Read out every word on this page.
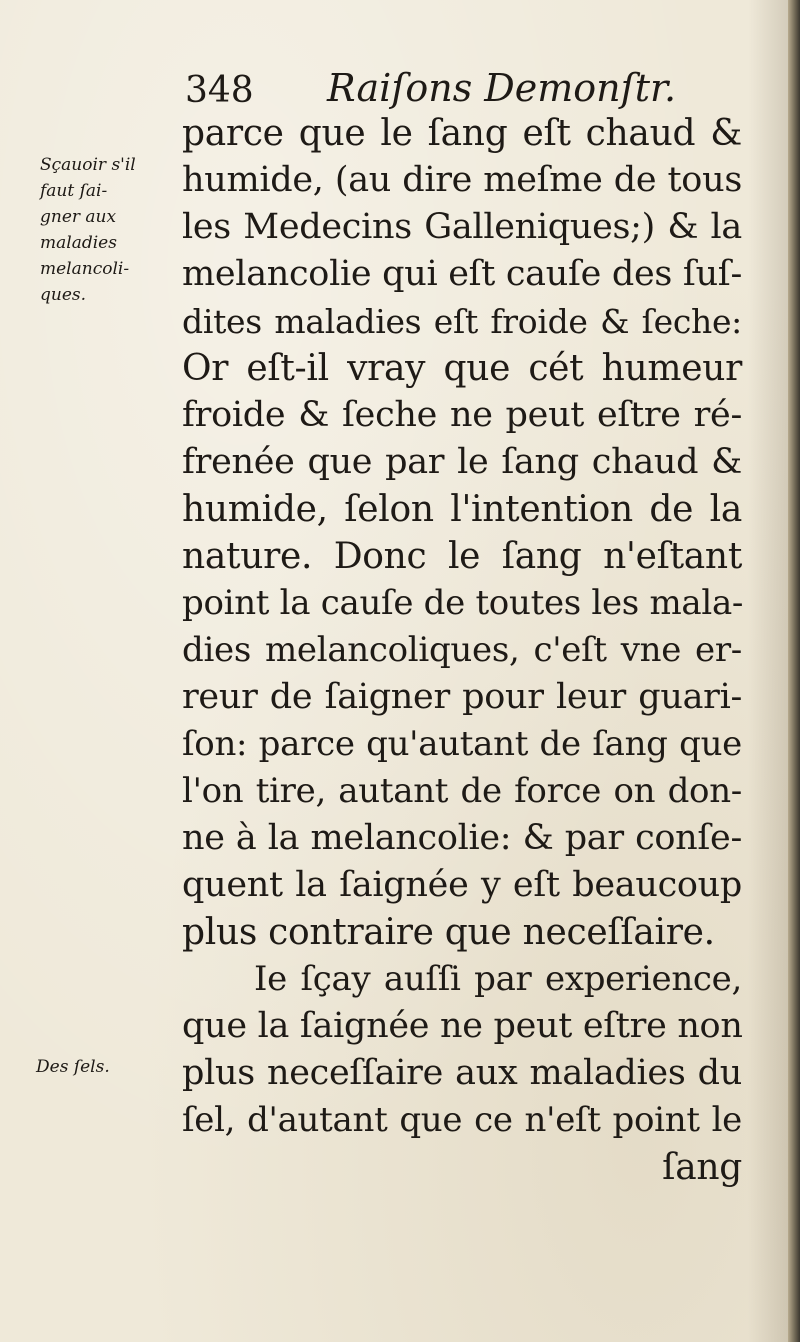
348 Raiſons Demonſtr.
Sçauoir s'il
faut ſai-
gner aux
maladies
melancoli-
ques.
Des ſels.
parce que le ſang eſt chaud &
humide, (au dire meſme de tous
les Medecins Galleniques;) & la
melancolie qui eſt cauſe des ſuſ-
dites maladies eſt froide & ſeche:
Or eſt-il vray que cét humeur
froide & ſeche ne peut eſtre ré-
frenée que par le ſang chaud &
humide, ſelon l'intention de la
nature. Donc le ſang n'eſtant
point la cauſe de toutes les mala-
dies melancoliques, c'eſt vne er-
reur de ſaigner pour leur guari-
ſon: parce qu'autant de ſang que
l'on tire, autant de force on don-
ne à la melancolie: & par conſe-
quent la ſaignée y eſt beaucoup
plus contraire que neceſſaire.
Ie ſçay auſſi par experience,
que la ſaignée ne peut eſtre non
plus neceſſaire aux maladies du
ſel, d'autant que ce n'eſt point le
ſang
